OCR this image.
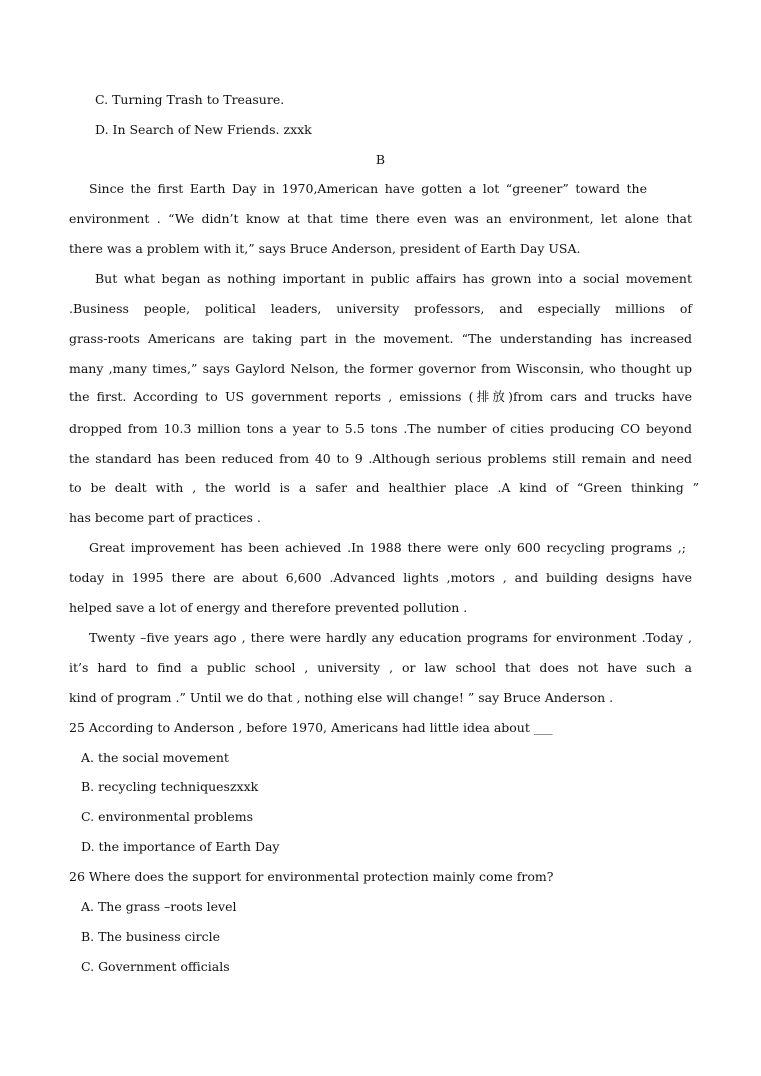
C. Turning Trash to Treasure.
D. In Search of New Friends. zxxk
B
Since the first Earth Day in 1970,American have gotten a lot “greener” toward the
environment . “We didn’t know at that time there even was an environment, let alone that
there was a problem with it,” says Bruce Anderson, president of Earth Day USA.
But what began as nothing important in public affairs has grown into a social movement
.Business people, political leaders, university professors, and especially millions of
grass-roots Americans are taking part in the movement. “The understanding has increased
many ,many times,” says Gaylord Nelson, the former governor from Wisconsin, who thought up
the first. According to US government reports , emissions (排放)from cars and trucks have
dropped from 10.3 million tons a year to 5.5 tons .The number of cities producing CO beyond
the standard has been reduced from 40 to 9 .Although serious problems still remain and need
to be dealt with , the world is a safer and healthier place .A kind of “Green thinking ”
has become part of practices .
Great improvement has been achieved .In 1988 there were only 600 recycling programs ,;
today in 1995 there are about 6,600 .Advanced lights ,motors , and building designs have
helped save a lot of energy and therefore prevented pollution .
Twenty –five years ago , there were hardly any education programs for environment .Today ,
it’s hard to find a public school , university , or law school that does not have such a
kind of program .” Until we do that , nothing else will change! ” say Bruce Anderson .
25 According to Anderson , before 1970, Americans had little idea about ___
A. the social movement
B. recycling techniqueszxxk
C. environmental problems
D. the importance of Earth Day
26 Where does the support for environmental protection mainly come from?
A. The grass –roots level
B. The business circle
C. Government officials
